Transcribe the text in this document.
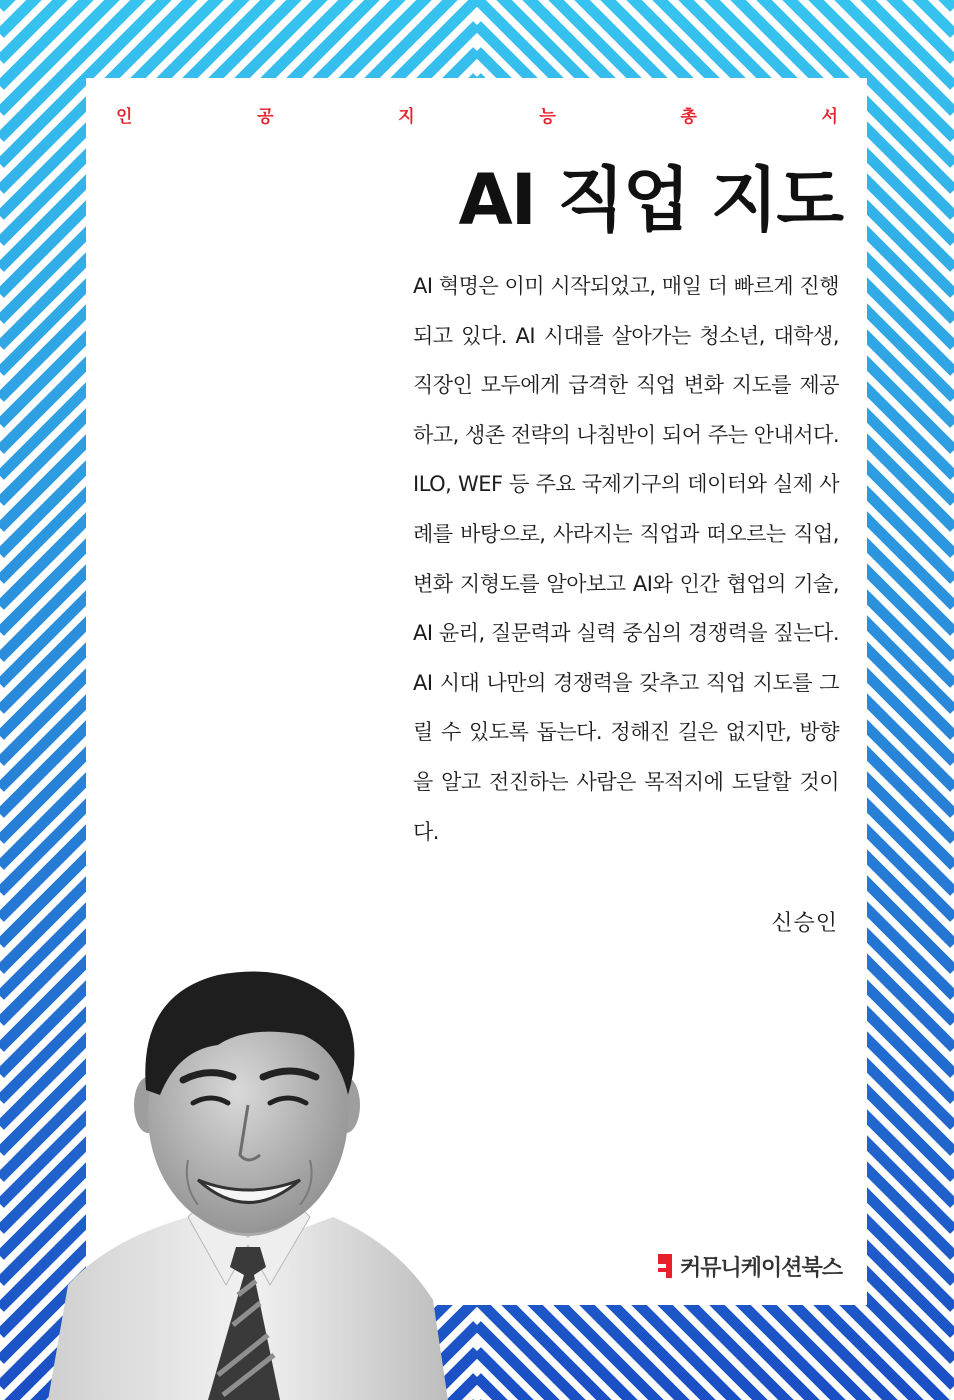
인	공	지	능	총	서
AI 직업 지도
AI 혁명은 이미 시작되었고, 매일 더 빠르게 진행되고 있다. AI 시대를 살아가는 청소년, 대학생, 직장인 모두에게 급격한 직업 변화 지도를 제공하고, 생존 전략의 나침반이 되어 주는 안내서다. ILO, WEF 등 주요 국제기구의 데이터와 실제 사례를 바탕으로, 사라지는 직업과 떠오르는 직업, 변화 지형도를 알아보고 AI와 인간 협업의 기술, AI 윤리, 질문력과 실력 중심의 경쟁력을 짚는다. AI 시대 나만의 경쟁력을 갖추고 직업 지도를 그릴 수 있도록 돕는다. 정해진 길은 없지만, 방향을 알고 전진하는 사람은 목적지에 도달할 것이다.
신승인
커뮤니케이션북스
